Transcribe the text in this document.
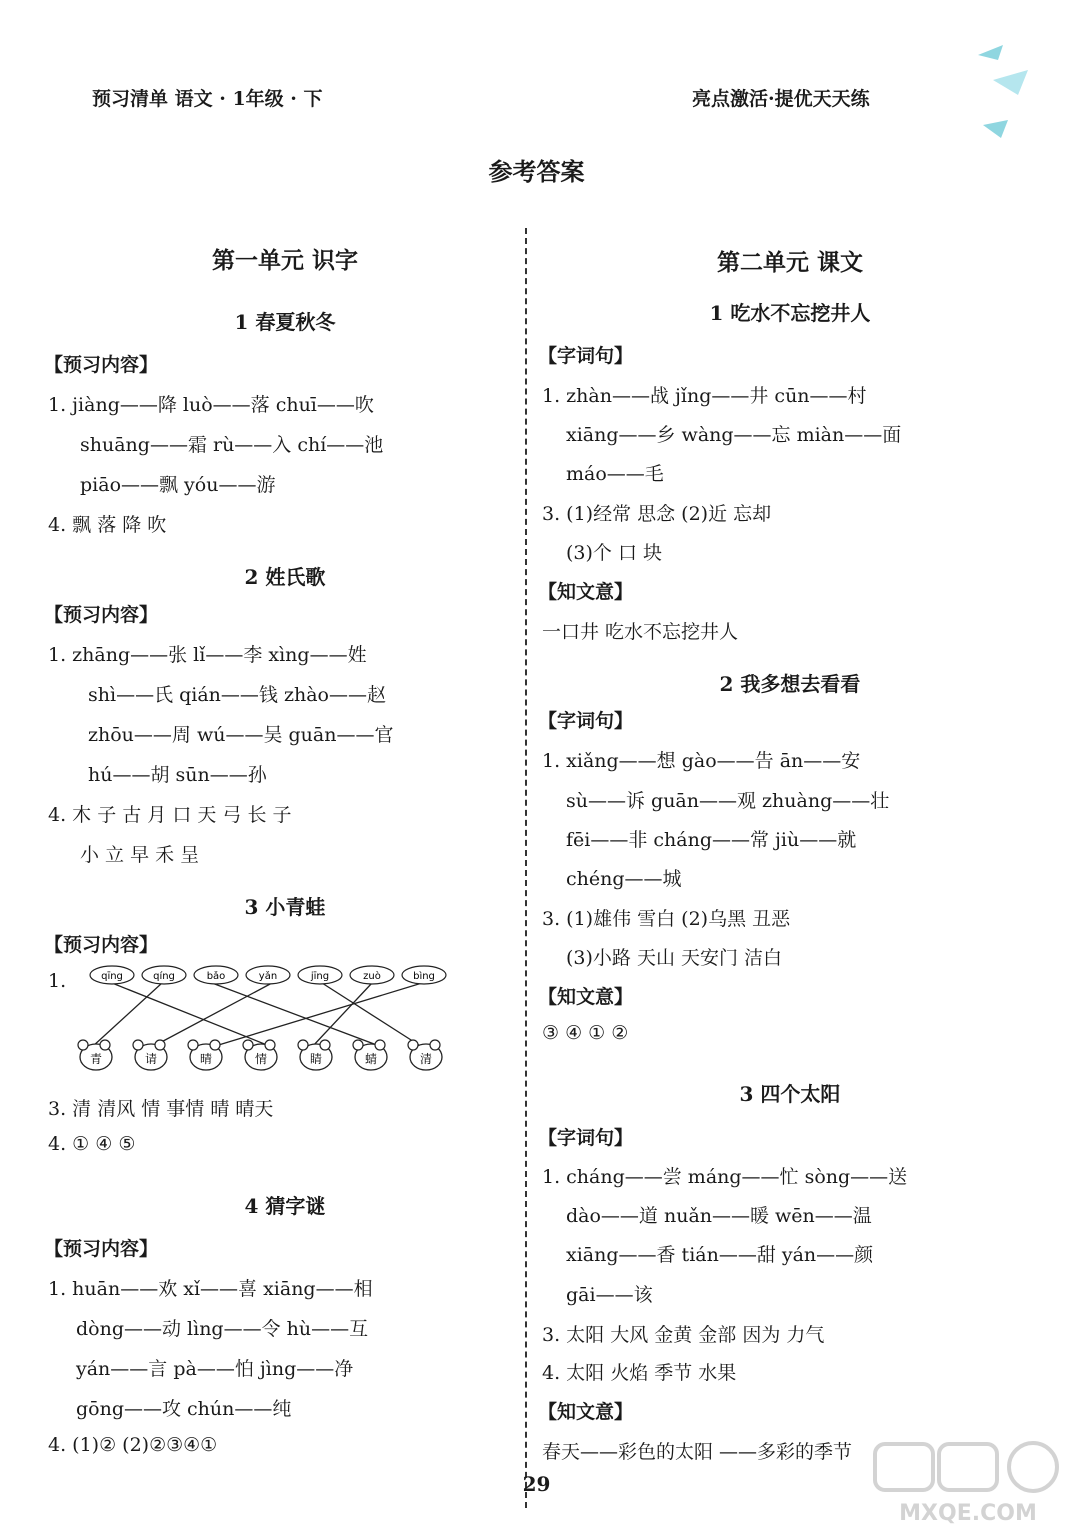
预习清单 语文 · 1年级 · 下	亮点激活·提优天天练
参考答案
第一单元 识字
1 春夏秋冬
【预习内容】
1. jiàng——降 luò——落 chuī——吹
shuāng——霜 rù——入 chí——池
piāo——飘 yóu——游
4. 飘 落 降 吹
2 姓氏歌
【预习内容】
1. zhāng——张 lǐ——李 xìng——姓
shì——氏 qián——钱 zhào——赵
zhōu——周 wú——吴 guān——官
hú——胡 sūn——孙
4. 木 子 古 月 口 天 弓 长 子
小 立 早 禾 呈
3 小青蛙
【预习内容】
1.	qīng	qíng	bǎo	yǎn	jīng	zuò	bìng
青	请	晴	情	睛	蜻	清
3. 清 清风 情 事情 晴 晴天
4. ① ④ ⑤
4 猜字谜
【预习内容】
1. huān——欢 xǐ——喜 xiāng——相
dòng——动 lìng——令 hù——互
yán——言 pà——怕 jìng——净
gōng——攻 chún——纯
4. (1)② (2)②③④①
第二单元 课文
1 吃水不忘挖井人
【字词句】
1. zhàn——战 jǐng——井 cūn——村
xiāng——乡 wàng——忘 miàn——面
máo——毛
3. (1)经常 思念 (2)近 忘却
(3)个 口 块
【知文意】
一口井 吃水不忘挖井人
2 我多想去看看
【字词句】
1. xiǎng——想 gào——告 ān——安
sù——诉 guān——观 zhuàng——壮
fēi——非 cháng——常 jiù——就
chéng——城
3. (1)雄伟 雪白 (2)乌黑 丑恶
(3)小路 天山 天安门 洁白
【知文意】
③ ④ ① ②
3 四个太阳
【字词句】
1. cháng——尝 máng——忙 sòng——送
dào——道 nuǎn——暖 wēn——温
xiāng——香 tián——甜 yán——颜
gāi——该
3. 太阳 大风 金黄 金部 因为 力气
4. 太阳 火焰 季节 水果
【知文意】
春天——彩色的太阳 ——多彩的季节
29
MXQE.COM
